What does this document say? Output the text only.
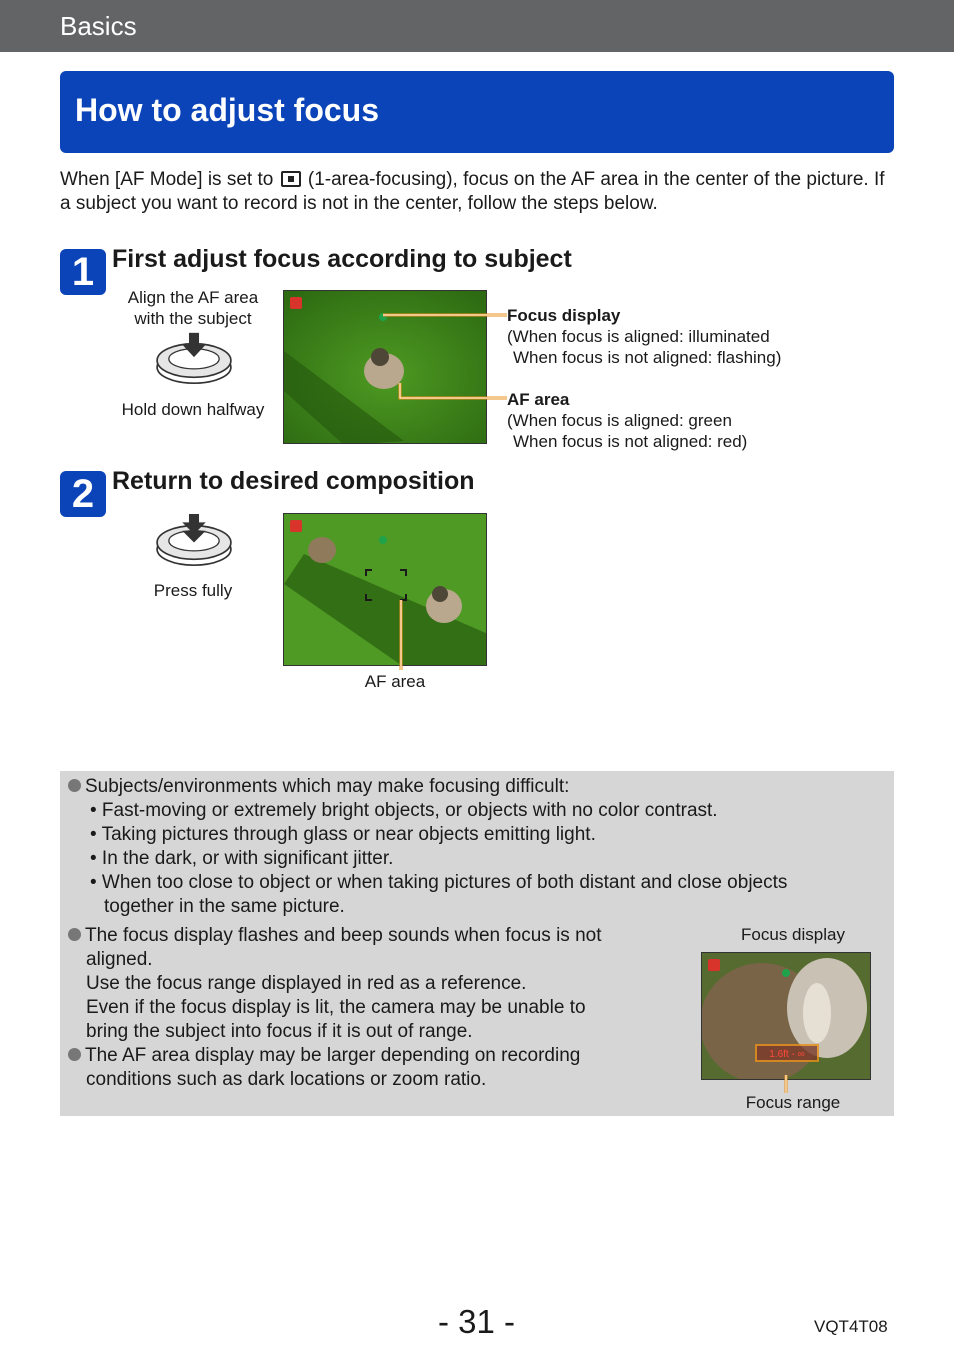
Basics
How to adjust focus
When [AF Mode] is set to (1-area-focusing), focus on the AF area in the center of the picture. If a subject you want to record is not in the center, follow the steps below.
1 First adjust focus according to subject
Align the AF area
with the subject
Hold down halfway
Focus display
(When focus is aligned: illuminated
When focus is not aligned: flashing)
AF area
(When focus is aligned: green
When focus is not aligned: red)
2 Return to desired composition
Press fully
AF area
Subjects/environments which may make focusing difficult:
• Fast-moving or extremely bright objects, or objects with no color contrast.
• Taking pictures through glass or near objects emitting light.
• In the dark, or with significant jitter.
• When too close to object or when taking pictures of both distant and close objects
together in the same picture.
The focus display flashes and beep sounds when focus is not
aligned.
Use the focus range displayed in red as a reference.
Even if the focus display is lit, the camera may be unable to
bring the subject into focus if it is out of range.
The AF area display may be larger depending on recording
conditions such as dark locations or zoom ratio.
Focus display
1.6ft - ∞
Focus range
- 31 -	VQT4T08
